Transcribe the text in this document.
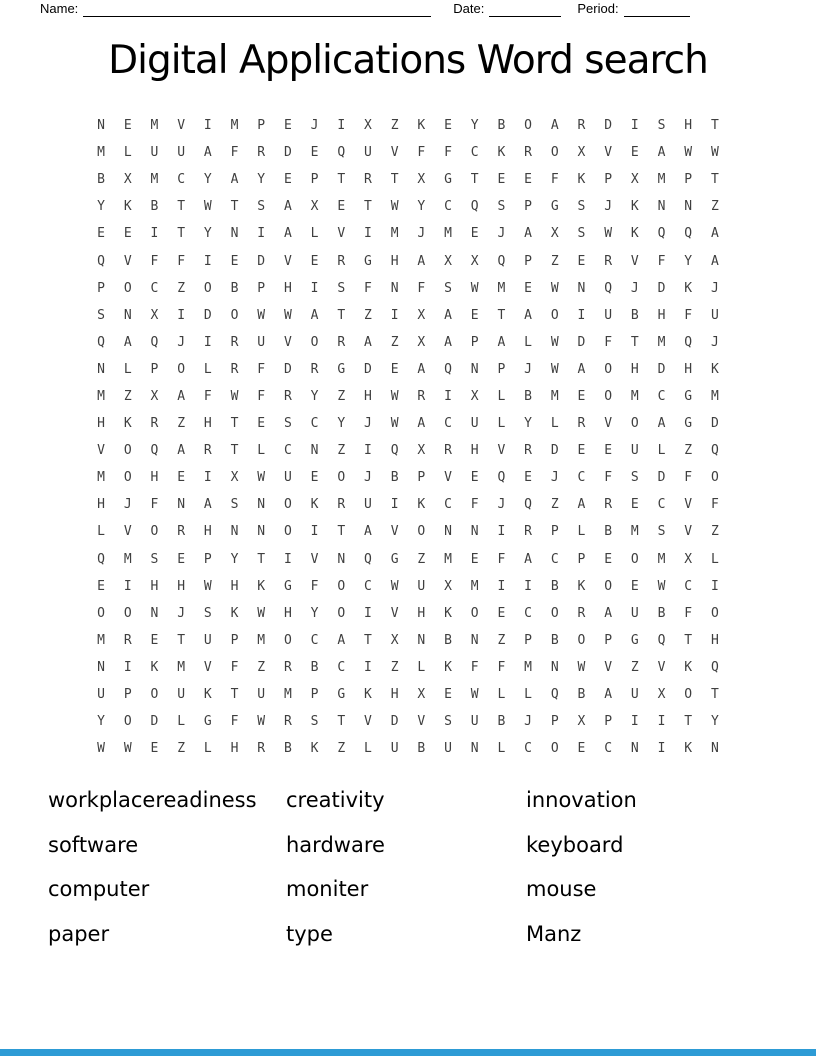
Name:	Date:	Period:
Digital Applications Word search
N	E	M	V	I	M	P	E	J	I	X	Z	K	E	Y	B	O	A	R	D	I	S	H	T
M	L	U	U	A	F	R	D	E	Q	U	V	F	F	C	K	R	O	X	V	E	A	W	W
B	X	M	C	Y	A	Y	E	P	T	R	T	X	G	T	E	E	F	K	P	X	M	P	T
Y	K	B	T	W	T	S	A	X	E	T	W	Y	C	Q	S	P	G	S	J	K	N	N	Z
E	E	I	T	Y	N	I	A	L	V	I	M	J	M	E	J	A	X	S	W	K	Q	Q	A
Q	V	F	F	I	E	D	V	E	R	G	H	A	X	X	Q	P	Z	E	R	V	F	Y	A
P	O	C	Z	O	B	P	H	I	S	F	N	F	S	W	M	E	W	N	Q	J	D	K	J
S	N	X	I	D	O	W	W	A	T	Z	I	X	A	E	T	A	O	I	U	B	H	F	U
Q	A	Q	J	I	R	U	V	O	R	A	Z	X	A	P	A	L	W	D	F	T	M	Q	J
N	L	P	O	L	R	F	D	R	G	D	E	A	Q	N	P	J	W	A	O	H	D	H	K
M	Z	X	A	F	W	F	R	Y	Z	H	W	R	I	X	L	B	M	E	O	M	C	G	M
H	K	R	Z	H	T	E	S	C	Y	J	W	A	C	U	L	Y	L	R	V	O	A	G	D
V	O	Q	A	R	T	L	C	N	Z	I	Q	X	R	H	V	R	D	E	E	U	L	Z	Q
M	O	H	E	I	X	W	U	E	O	J	B	P	V	E	Q	E	J	C	F	S	D	F	O
H	J	F	N	A	S	N	O	K	R	U	I	K	C	F	J	Q	Z	A	R	E	C	V	F
L	V	O	R	H	N	N	O	I	T	A	V	O	N	N	I	R	P	L	B	M	S	V	Z
Q	M	S	E	P	Y	T	I	V	N	Q	G	Z	M	E	F	A	C	P	E	O	M	X	L
E	I	H	H	W	H	K	G	F	O	C	W	U	X	M	I	I	B	K	O	E	W	C	I
O	O	N	J	S	K	W	H	Y	O	I	V	H	K	O	E	C	O	R	A	U	B	F	O
M	R	E	T	U	P	M	O	C	A	T	X	N	B	N	Z	P	B	O	P	G	Q	T	H
N	I	K	M	V	F	Z	R	B	C	I	Z	L	K	F	F	M	N	W	V	Z	V	K	Q
U	P	O	U	K	T	U	M	P	G	K	H	X	E	W	L	L	Q	B	A	U	X	O	T
Y	O	D	L	G	F	W	R	S	T	V	D	V	S	U	B	J	P	X	P	I	I	T	Y
W	W	E	Z	L	H	R	B	K	Z	L	U	B	U	N	L	C	O	E	C	N	I	K	N
workplacereadiness
software
computer
paper
creativity
hardware
moniter
type
innovation
keyboard
mouse
Manz
